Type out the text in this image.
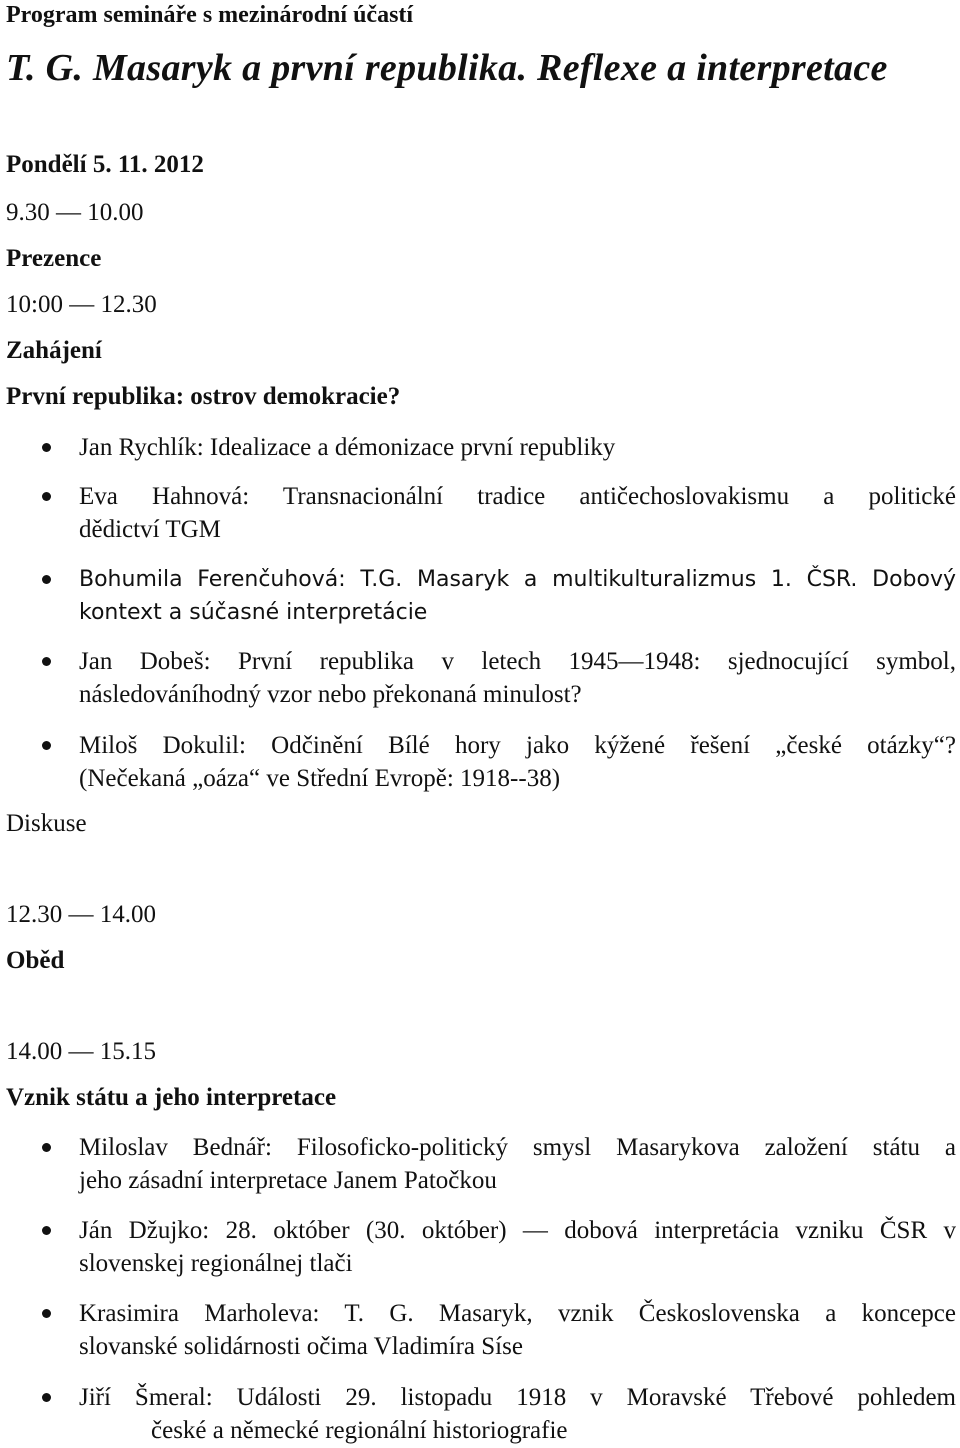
Program semináře s mezinárodní účastí
T. G. Masaryk a první republika. Reflexe a interpretace
Pondělí 5. 11. 2012
9.30 — 10.00
Prezence
10:00 — 12.30
Zahájení
První republika: ostrov demokracie?
Jan Rychlík: Idealizace a démonizace první republiky
Eva Hahnová: Transnacionální tradice antičechoslovakismu a politické
dědictví TGM
Bohumila Ferenčuhová: T.G. Masaryk a multikulturalizmus 1. ČSR. Dobový
kontext a súčasné interpretácie
Jan Dobeš: První republika v letech 1945—1948: sjednocující symbol,
následováníhodný vzor nebo překonaná minulost?
Miloš Dokulil: Odčinění Bílé hory jako kýžené řešení „české otázky“?
(Nečekaná „oáza“ ve Střední Evropě: 1918--38)
Diskuse
12.30 — 14.00
Oběd
14.00 — 15.15
Vznik státu a jeho interpretace
Miloslav Bednář: Filosoficko-politický smysl Masarykova založení státu a
jeho zásadní interpretace Janem Patočkou
Ján Džujko: 28. október (30. október) — dobová interpretácia vzniku ČSR v
slovenskej regionálnej tlači
Krasimira Marholeva: T. G. Masaryk, vznik Československa a koncepce
slovanské solidárnosti očima Vladimíra Síse
Jiří Šmeral: Události 29. listopadu 1918 v Moravské Třebové pohledem
české a německé regionální historiografie
